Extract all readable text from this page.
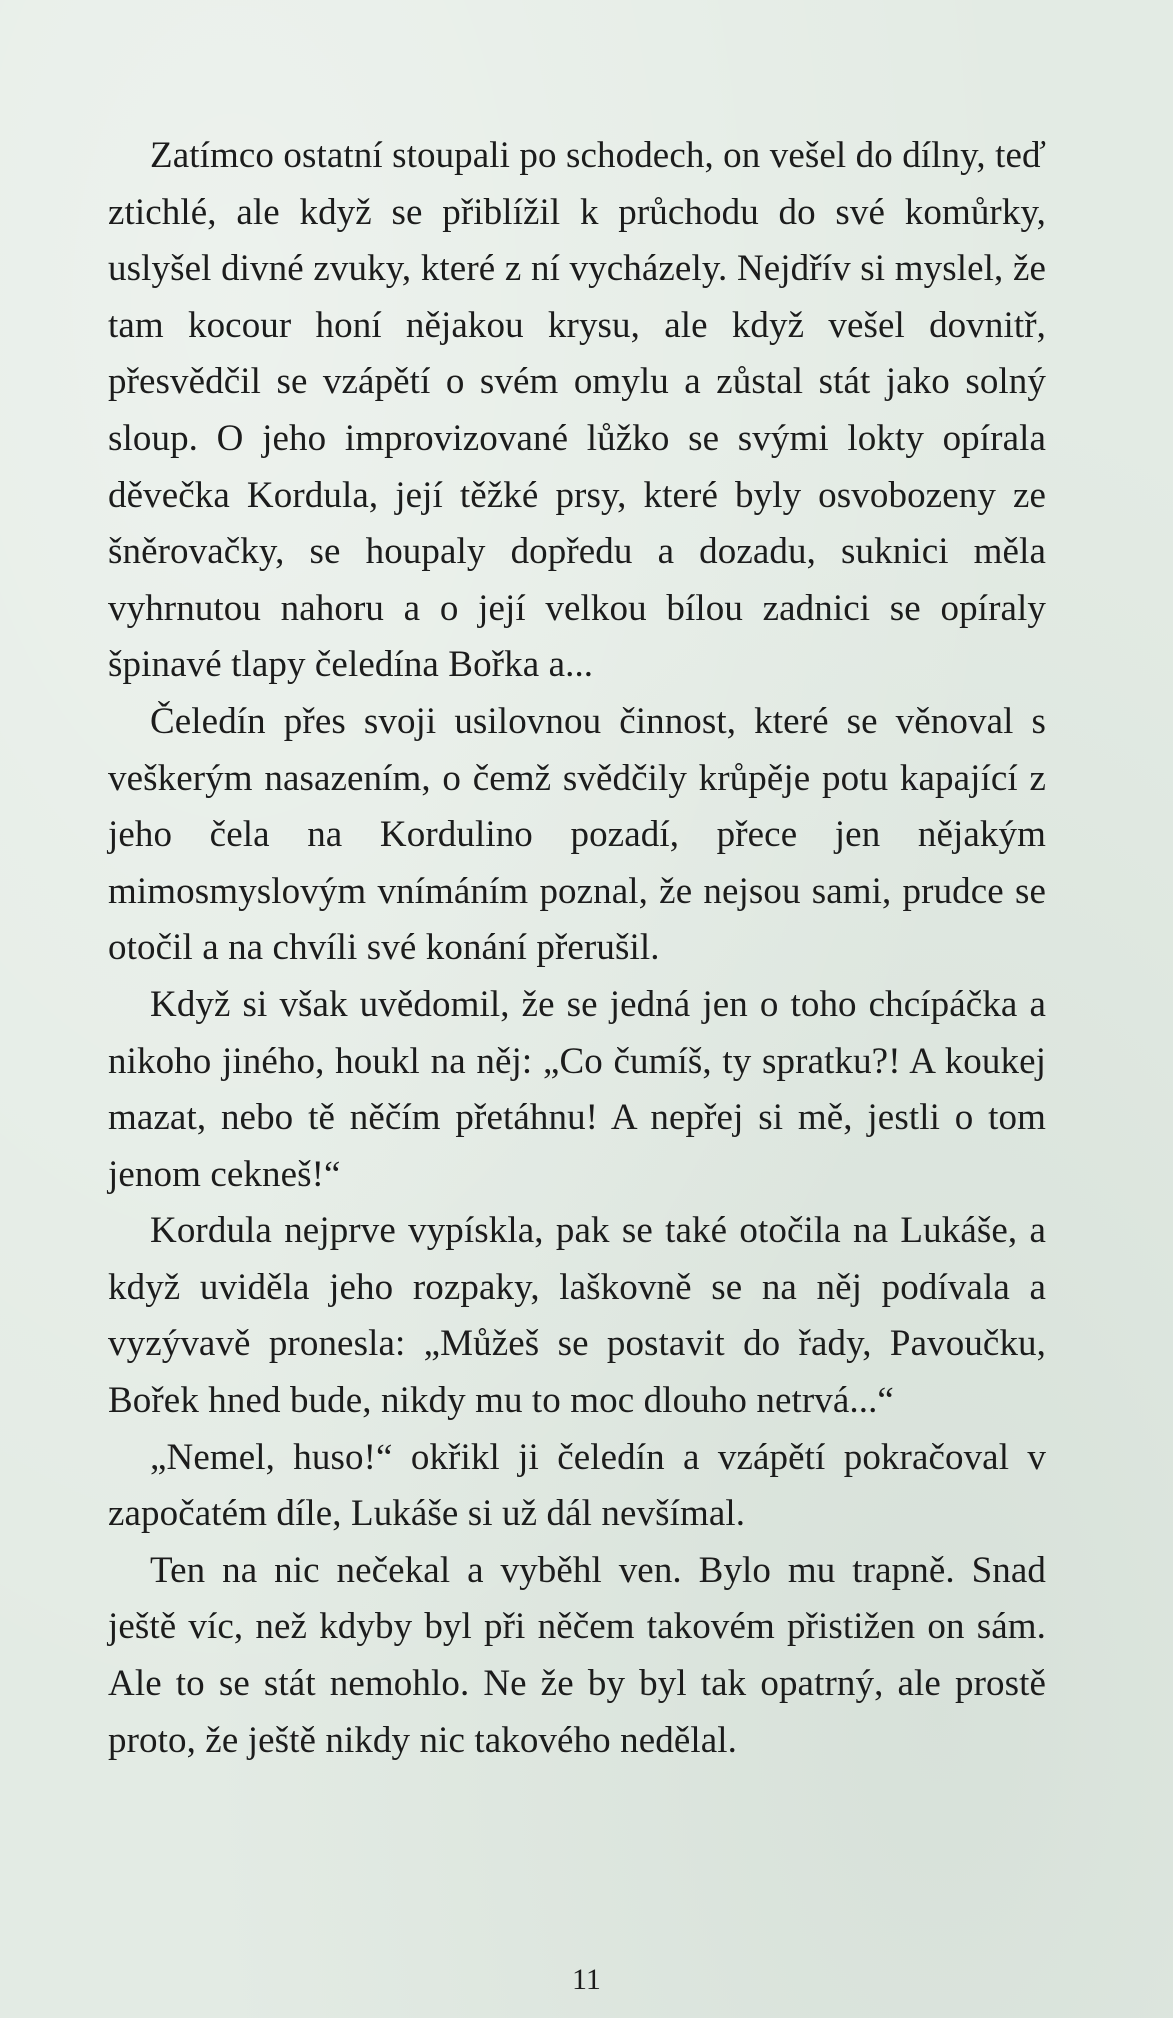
Zatímco ostatní stoupali po schodech, on vešel do dílny, teď ztichlé, ale když se přiblížil k průchodu do své komůrky, uslyšel divné zvuky, které z ní vycházely. Nejdřív si myslel, že tam kocour honí nějakou krysu, ale když vešel dovnitř, přesvědčil se vzápětí o svém omylu a zůstal stát jako solný sloup. O jeho improvizované lůžko se svými lokty opírala děvečka Kordula, její těžké prsy, které byly osvobozeny ze šněrovačky, se houpaly dopředu a dozadu, suknici měla vyhrnutou nahoru a o její velkou bílou zadnici se opíraly špinavé tlapy čeledína Bořka a...

Čeledín přes svoji usilovnou činnost, které se věnoval s veškerým nasazením, o čemž svědčily krůpěje potu kapající z jeho čela na Kordulino pozadí, přece jen nějakým mimosmyslovým vnímáním poznal, že nejsou sami, prudce se otočil a na chvíli své konání přerušil.

Když si však uvědomil, že se jedná jen o toho chcípáčka a nikoho jiného, houkl na něj: „Co čumíš, ty spratku?! A koukej mazat, nebo tě něčím přetáhnu! A nepřej si mě, jestli o tom jenom cekneš!“

Kordula nejprve vypískla, pak se také otočila na Lukáše, a když uviděla jeho rozpaky, laškovně se na něj podívala a vyzývavě pronesla: „Můžeš se postavit do řady, Pavoučku, Bořek hned bude, nikdy mu to moc dlouho netrvá...“

„Nemel, huso!“ okřikl ji čeledín a vzápětí pokračoval v započatém díle, Lukáše si už dál nevšímal.

Ten na nic nečekal a vyběhl ven. Bylo mu trapně. Snad ještě víc, než kdyby byl při něčem takovém přistižen on sám. Ale to se stát nemohlo. Ne že by byl tak opatrný, ale prostě proto, že ještě nikdy nic takového nedělal.

11
